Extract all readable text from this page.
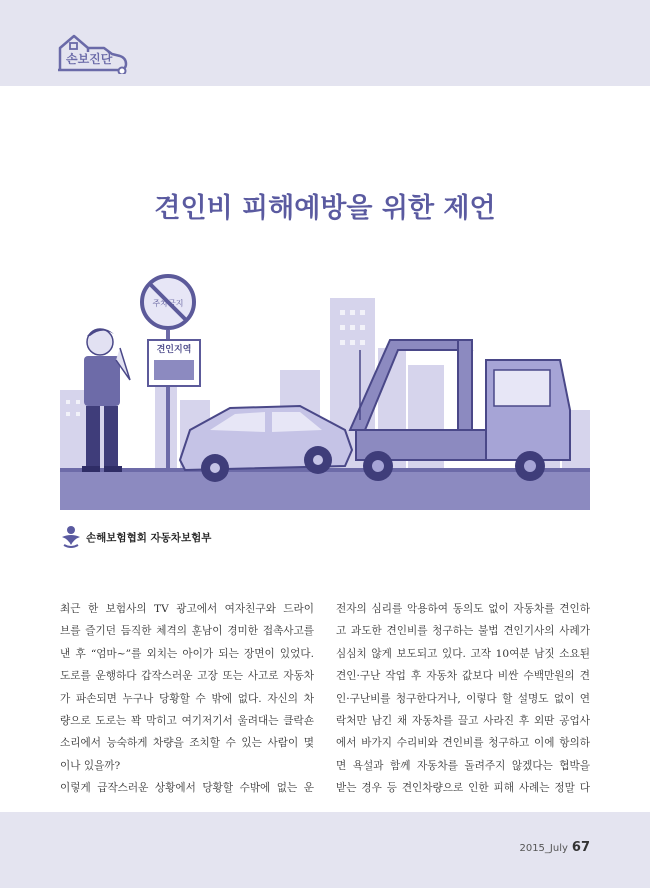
손보진단
견인비 피해예방을 위한 제언
주차금지
견인지역
손해보험협회 자동차보험부
최근 한 보험사의 TV 광고에서 여자친구와 드라이
브를 즐기던 듬직한 체격의 훈남이 경미한 접촉사고를
낸 후 “엄마~”를 외치는 아이가 되는 장면이 있었다.
도로를 운행하다 갑작스러운 고장 또는 사고로 자동차
가 파손되면 누구나 당황할 수 밖에 없다. 자신의 차
량으로 도로는 꽉 막히고 여기저기서 울려대는 클락숀
소리에서 능숙하게 차량을 조치할 수 있는 사람이 몇
이나 있을까?
이렇게 급작스러운 상황에서 당황할 수밖에 없는 운
전자의 심리를 악용하여 동의도 없이 자동차를 견인하
고 과도한 견인비를 청구하는 불법 견인기사의 사례가
심심치 않게 보도되고 있다. 고작 10여분 남짓 소요된
견인·구난 작업 후 자동차 값보다 비싼 수백만원의 견
인·구난비를 청구한다거나, 이렇다 할 설명도 없이 연
락처만 남긴 채 자동차를 끌고 사라진 후 외딴 공업사
에서 바가지 수리비와 견인비를 청구하고 이에 항의하
면 욕설과 함께 자동차를 돌려주지 않겠다는 협박을
받는 경우 등 견인차량으로 인한 피해 사례는 정말 다
2015_July 67
